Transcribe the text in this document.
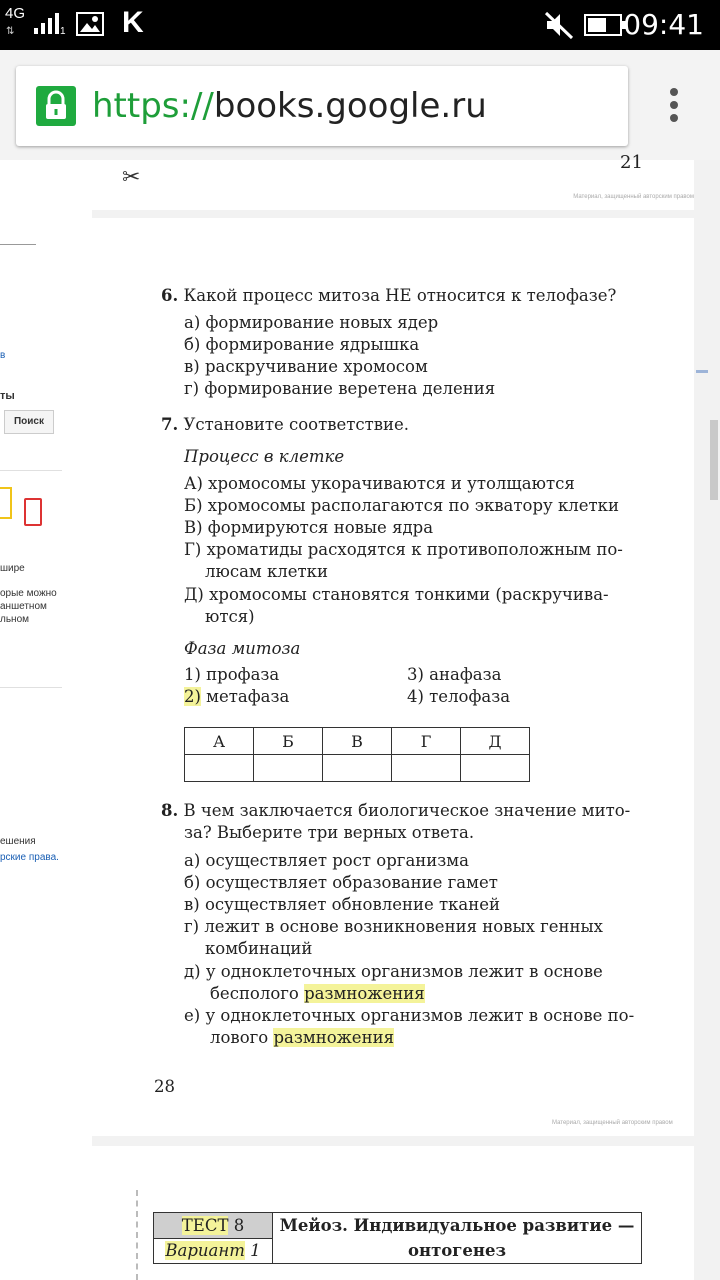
4G
⇅	1 K	09:41
https://books.google.ru
в
ты
Поиск
шире
орые можно
аншетном
льном
ешения
рские права.
✂
21
Материал, защищенный авторским правом
6. Какой процесс митоза НЕ относится к телофазе?
а) формирование новых ядер
б) формирование ядрышка
в) раскручивание хромосом
г) формирование веретена деления
7. Установите соответствие.
Процесс в клетке
А) хромосомы укорачиваются и утолщаются
Б) хромосомы располагаются по экватору клетки
В) формируются новые ядра
Г) хроматиды расходятся к противоположным по-
люсам клетки
Д) хромосомы становятся тонкими (раскручива-
ются)
Фаза митоза
1) профаза
2) метафаза
3) анафаза
4) телофаза
А	Б	В	Г	Д

8. В чем заключается биологическое значение мито-
за? Выберите три верных ответа.
а) осуществляет рост организма
б) осуществляет образование гамет
в) осуществляет обновление тканей
г) лежит в основе возникновения новых генных
комбинаций
д) у одноклеточных организмов лежит в основе
бесполого размножения
е) у одноклеточных организмов лежит в основе по-
лового размножения
28
Материал, защищенный авторским правом
ТЕСТ 8	Мейоз. Индивидуальное развитие —
онтогенез

Вариант 1
